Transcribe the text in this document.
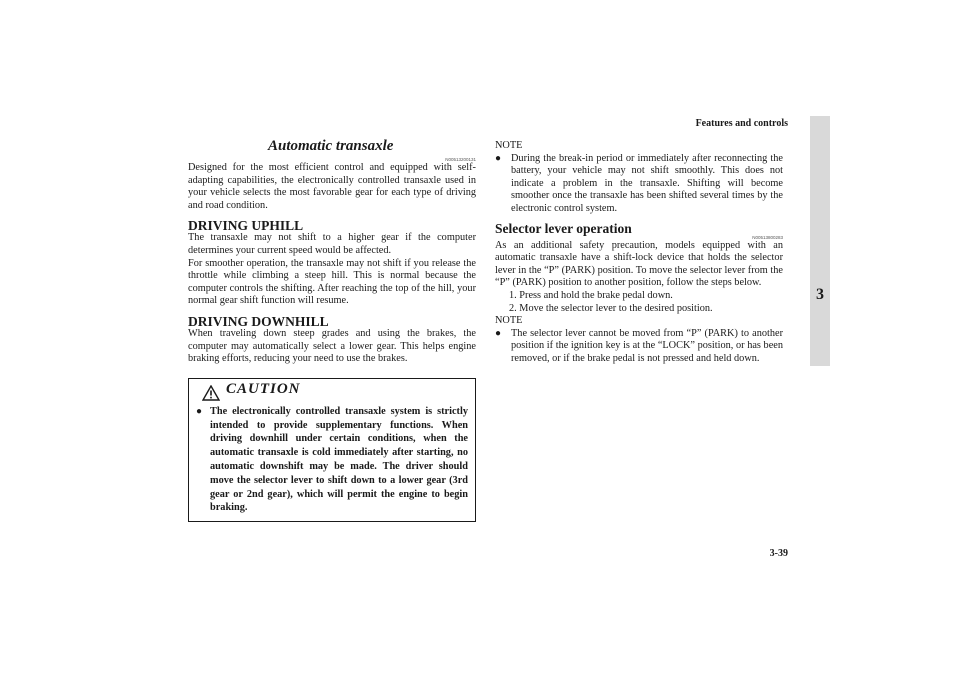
Features and controls
3
3-39
Automatic transaxle
N00513200131

Designed for the most efficient control and equipped with self-adapting capabilities, the electronically controlled transaxle used in your vehicle selects the most favorable gear for each type of driving and road condition.

DRIVING UPHILL

The transaxle may not shift to a higher gear if the computer determines your current speed would be affected.

For smoother operation, the transaxle may not shift if you release the throttle while climbing a steep hill. This is normal because the computer controls the shifting. After reaching the top of the hill, your normal gear shift function will resume.

DRIVING DOWNHILL

When traveling down steep grades and using the brakes, the computer may automatically select a lower gear. This helps engine braking efforts, reducing your need to use the brakes.

CAUTION
● The electronically controlled transaxle system is strictly intended to provide supplementary functions. When driving downhill under certain conditions, when the automatic transaxle is cold immediately after starting, no automatic downshift may be made. The driver should move the selector lever to shift down to a lower gear (3rd gear or 2nd gear), which will permit the engine to begin braking.
NOTE
● During the break-in period or immediately after reconnecting the battery, your vehicle may not shift smoothly. This does not indicate a problem in the transaxle. Shifting will become smoother once the transaxle has been shifted several times by the electronic control system.
Selector lever operation
N00513800283

As an additional safety precaution, models equipped with an automatic transaxle have a shift-lock device that holds the selector lever in the “P” (PARK) position. To move the selector lever from the “P” (PARK) position to another position, follow the steps below.

1. Press and hold the brake pedal down.
2. Move the selector lever to the desired position.
NOTE
● The selector lever cannot be moved from “P” (PARK) to another position if the ignition key is at the “LOCK” position, or has been removed, or if the brake pedal is not pressed and held down.
